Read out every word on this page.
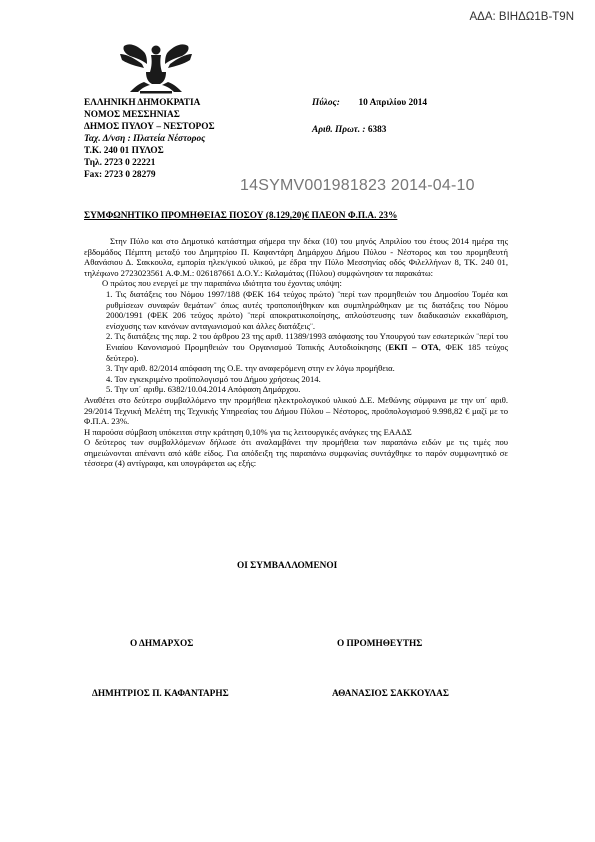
ΑΔΑ: ΒΙΗΔΩ1Β-Τ9Ν
ΕΛΛΗΝΙΚΗ ΔΗΜΟΚΡΑΤΙΑ
ΝΟΜΟΣ ΜΕΣΣΗΝΙΑΣ
ΔΗΜΟΣ ΠΥΛΟΥ – ΝΕΣΤΟΡΟΣ
Ταχ. Δ/νση : Πλατεία Νέστορος
Τ.Κ. 240 01 ΠΥΛΟΣ
Τηλ. 2723 0 22221
Fax: 2723 0 28279
Πύλος: 10 Απριλίου 2014
Αριθ. Πρωτ. : 6383
14SYMV001981823 2014-04-10
ΣΥΜΦΩΝΗΤΙΚΟ ΠΡΟΜΗΘΕΙΑΣ ΠΟΣΟΥ (8.129,20)€ ΠΛΕΟΝ Φ.Π.Α. 23%

Στην Πύλο και στο Δημοτικό κατάστημα σήμερα την δέκα (10) του μηνός Απριλίου του έτους 2014 ημέρα της εβδομάδος Πέμπτη μεταξύ του Δημητρίου Π. Καφαντάρη Δημάρχου Δήμου Πύλου - Νέστορος και του προμηθευτή Αθανάσιου Δ. Σακκουλα, εμπορία ηλεκ/γικού υλικού, με έδρα την Πύλο Μεσσηνίας οδός Φιλελλήνων 8, ΤΚ. 240 01, τηλέφωνο 2723023561 Α.Φ.Μ.: 026187661 Δ.Ο.Υ.: Καλαμάτας (Πύλου) συμφώνησαν τα παρακάτω:

Ο πρώτος που ενεργεί με την παραπάνω ιδιότητα του έχοντας υπόψη:

1. Τις διατάξεις του Νόμου 1997/188 (ΦΕΚ 164 τεύχος πρώτο) ¨περί των προμηθειών του Δημοσίου Τομέα και ρυθμίσεων συναφών θεμάτων¨ όπως αυτές τροποποιήθηκαν και συμπληρώθηκαν με τις διατάξεις του Νόμου 2000/1991 (ΦΕΚ 206 τεύχος πρώτο) ¨περί αποκρατικοποίησης, απλούστευσης των διαδικασιών εκκαθάριση, ενίσχυσης των κανόνων ανταγωνισμού και άλλες διατάξεις¨.

2. Τις διατάξεις της παρ. 2 του άρθρου 23 της αριθ. 11389/1993 απόφασης του Υπουργού των εσωτερικών ¨περί του Ενιαίου Κανονισμού Προμηθειών του Οργανισμού Τοπικής Αυτοδιοίκησης (ΕΚΠ – ΟΤΑ, ΦΕΚ 185 τεύχος δεύτερο).

3. Την αριθ. 82/2014 απόφαση της Ο.Ε. την αναφερόμενη στην εν λόγω προμήθεια.

4. Τον εγκεκριμένο προϋπολογισμό του Δήμου χρήσεως 2014.

5. Την υπ΄ αριθμ. 6382/10.04.2014 Απόφαση Δημάρχου.

Αναθέτει στο δεύτερο συμβαλλόμενο την προμήθεια ηλεκτρολογικού υλικού Δ.Ε. Μεθώνης σύμφωνα με την υπ΄ αριθ. 29/2014 Τεχνική Μελέτη της Τεχνικής Υπηρεσίας του Δήμου Πύλου – Νέστορος, προϋπολογισμού 9.998,82 € μαζί με το Φ.Π.Α. 23%.

Η παρούσα σύμβαση υπόκειται στην κράτηση 0,10% για τις λειτουργικές ανάγκες της ΕΑΑΔΣ

Ο δεύτερος των συμβαλλόμενων δήλωσε ότι αναλαμβάνει την προμήθεια των παραπάνω ειδών με τις τιμές που σημειώνονται απέναντι από κάθε είδος. Για απόδειξη της παραπάνω συμφωνίας συντάχθηκε το παρόν συμφωνητικό σε τέσσερα (4) αντίγραφα, και υπογράφεται ως εξής:

ΟΙ ΣΥΜΒΑΛΛΟΜΕΝΟΙ
Ο ΔΗΜΑΡΧΟΣ	Ο ΠΡΟΜΗΘΕΥΤΗΣ
ΔΗΜΗΤΡΙΟΣ Π. ΚΑΦΑΝΤΑΡΗΣ	ΑΘΑΝΑΣΙΟΣ ΣΑΚΚΟΥΛΑΣ
